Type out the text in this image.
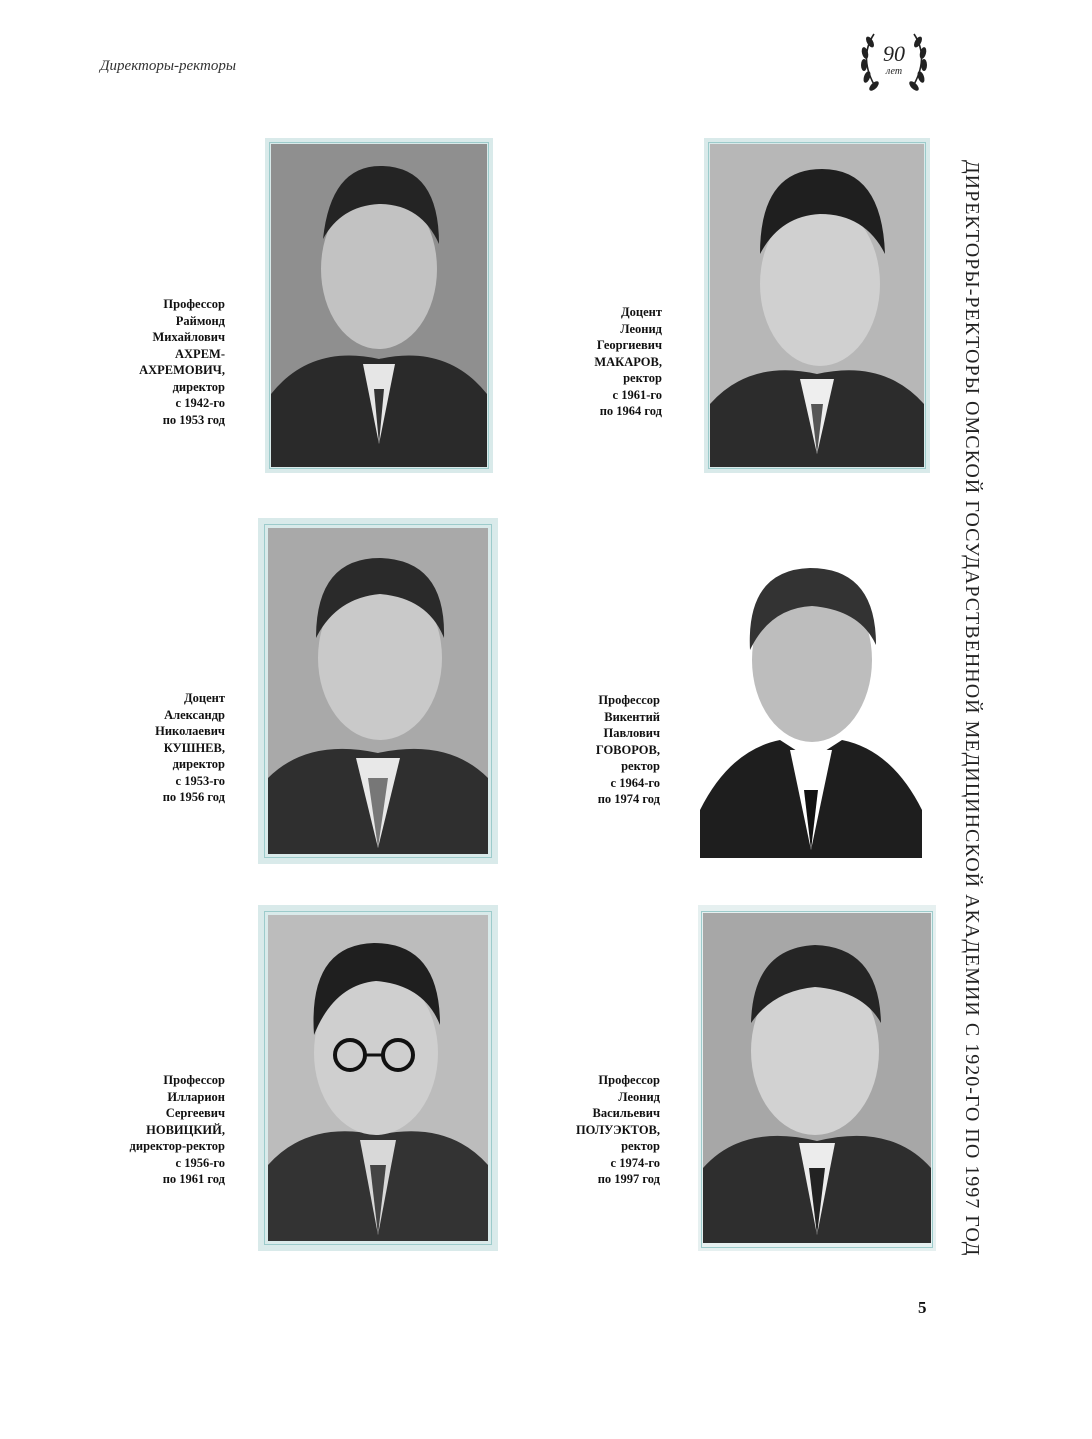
Директоры-ректоры	90
лет
ДИРЕКТОРЫ-РЕКТОРЫ ОМСКОЙ ГОСУДАРСТВЕННОЙ МЕДИЦИНСКОЙ АКАДЕМИИ С 1920-ГО ПО 1997 ГОД
Профессор
Раймонд
Михайлович
АХРЕМ-
АХРЕМОВИЧ,
директор
с 1942-го
по 1953 год
Доцент
Леонид
Георгиевич
МАКАРОВ,
ректор
с 1961-го
по 1964 год
Доцент
Александр
Николаевич
КУШНЕВ,
директор
с 1953-го
по 1956 год
Профессор
Викентий
Павлович
ГОВОРОВ,
ректор
с 1964-го
по 1974 год
Профессор
Илларион
Сергеевич
НОВИЦКИЙ,
директор-ректор
с 1956-го
по 1961 год
Профессор
Леонид
Васильевич
ПОЛУЭКТОВ,
ректор
с 1974-го
по 1997 год
5
